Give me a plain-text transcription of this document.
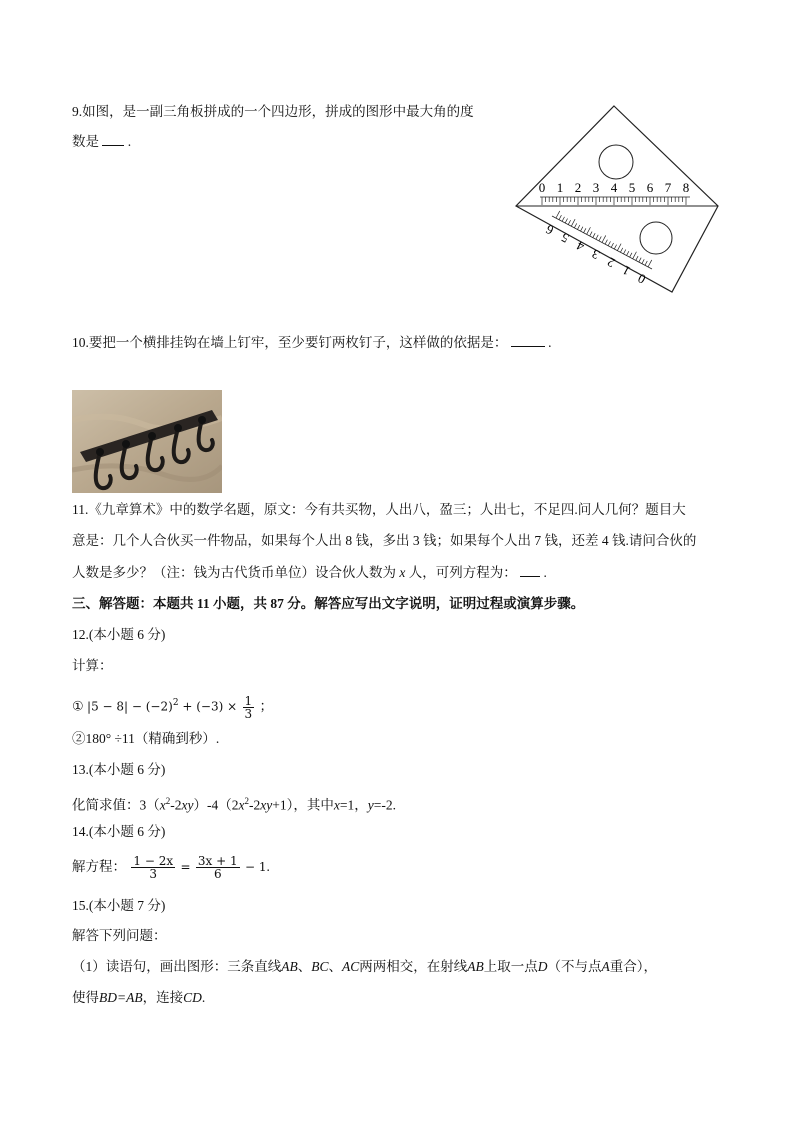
9.如图，是一副三角板拼成的一个四边形，拼成的图形中最大角的度
数是 .
0 1 2 3 4 5 6 7 8
6
5
4
3
2
1
0
10.要把一个横排挂钩在墙上钉牢，至少要钉两枚钉子，这样做的依据是：	.
11.《九章算术》中的数学名题，原文：今有共买物，人出八，盈三；人出七，不足四.问人几何？题目大
意是：几个人合伙买一件物品，如果每个人出 8 钱，多出 3 钱；如果每个人出 7 钱，还差 4 钱.请问合伙的
人数是多少？（注：钱为古代货币单位）设合伙人数为 x 人，可列方程为： .
三、解答题：本题共 11 小题，共 87 分。解答应写出文字说明，证明过程或演算步骤。
12.(本小题 6 分)
计算：
① $|5 - 8| - (-2)^2 + (-3) \times \frac{1}{3}$ ；
②180° ÷11（精确到秒）.
13.(本小题 6 分)
化简求值：$3(x^2-2xy)-4(2x^2-2xy+1)$，其中x=1，y=-2.
14.(本小题 6 分)
解方程： $\frac{1 - 2x}{3} = \frac{3x + 1}{6} - 1$.
15.(本小题 7 分)
解答下列问题：
（1）读语句，画出图形：三条直线AB、BC、AC两两相交，在射线AB上取一点D（不与点A重合），
使得BD=AB，连接CD.
